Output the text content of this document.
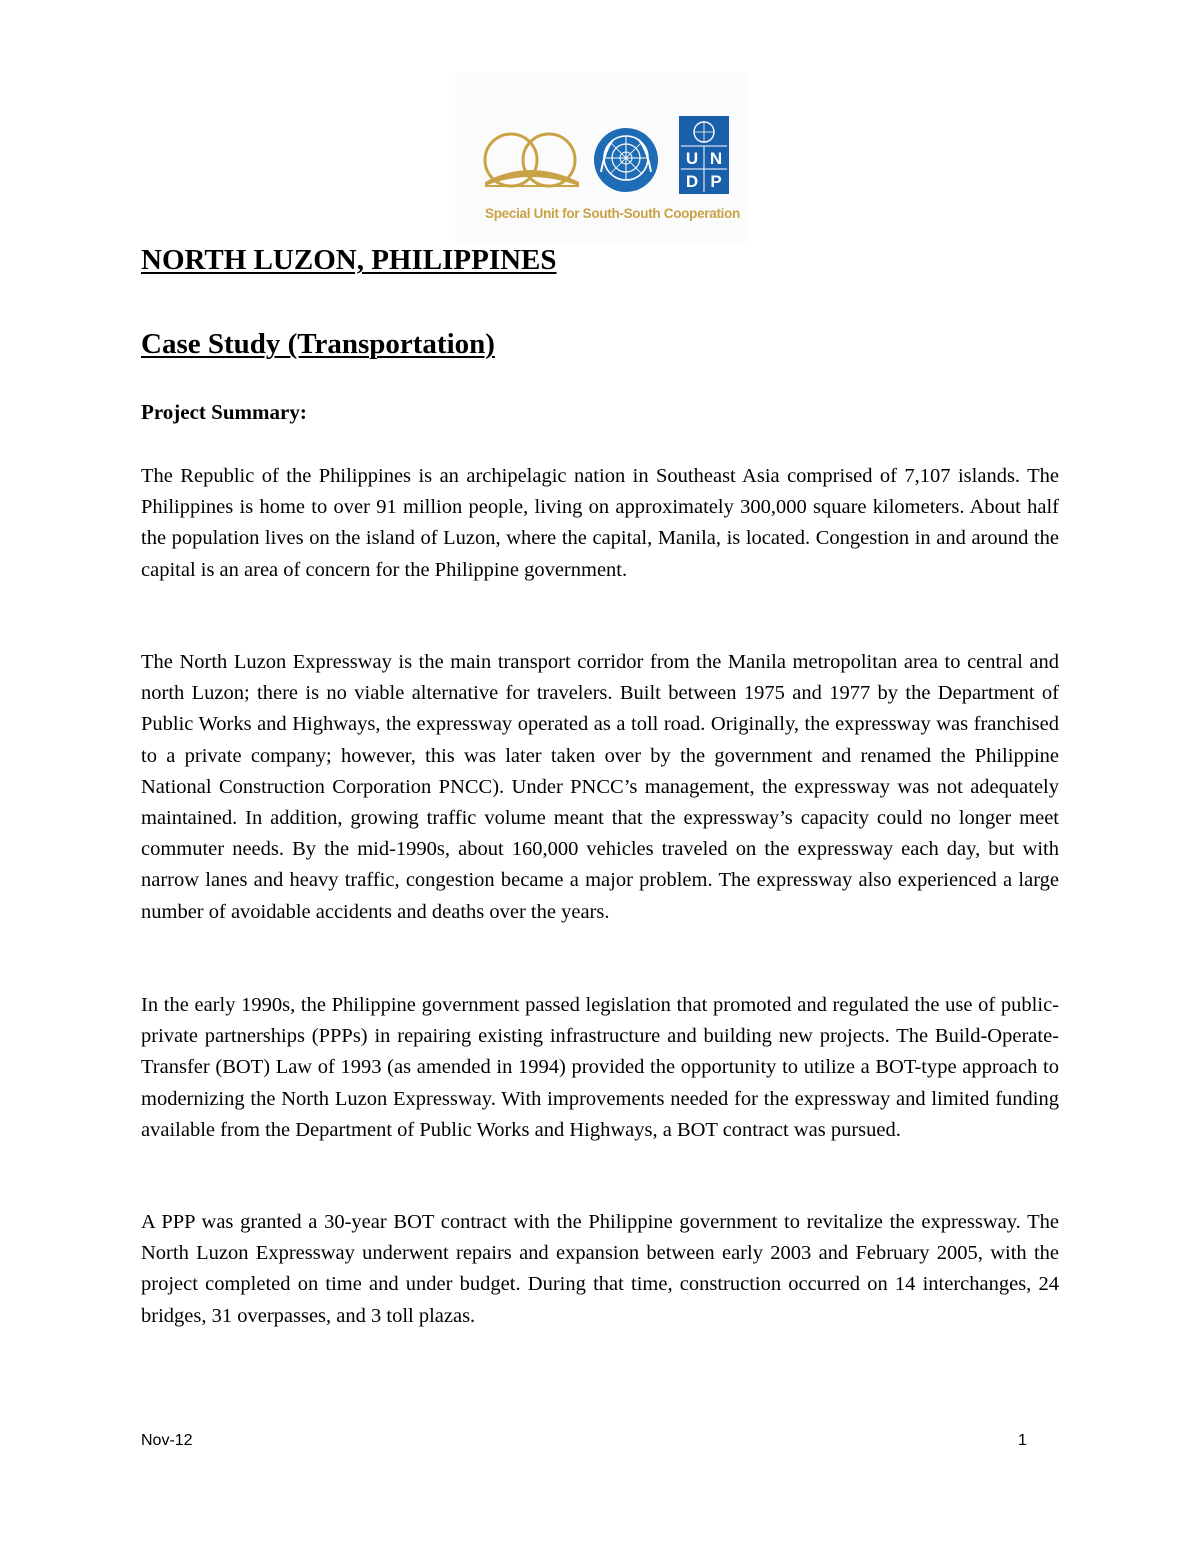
U N
D P
Special Unit for South-South Cooperation
NORTH LUZON, PHILIPPINES
Case Study (Transportation)
Project Summary:

The Republic of the Philippines is an archipelagic nation in Southeast Asia comprised of 7,107 islands. The Philippines is home to over 91 million people, living on approximately 300,000 square kilometers. About half the population lives on the island of Luzon, where the capital, Manila, is located. Congestion in and around the capital is an area of concern for the Philippine government.

The North Luzon Expressway is the main transport corridor from the Manila metropolitan area to central and north Luzon; there is no viable alternative for travelers. Built between 1975 and 1977 by the Department of Public Works and Highways, the expressway operated as a toll road. Originally, the expressway was franchised to a private company; however, this was later taken over by the government and renamed the Philippine National Construction Corporation PNCC). Under PNCC’s management, the expressway was not adequately maintained. In addition, growing traffic volume meant that the expressway’s capacity could no longer meet commuter needs. By the mid-1990s, about 160,000 vehicles traveled on the expressway each day, but with narrow lanes and heavy traffic, congestion became a major problem. The expressway also experienced a large number of avoidable accidents and deaths over the years.

In the early 1990s, the Philippine government passed legislation that promoted and regulated the use of public-private partnerships (PPPs) in repairing existing infrastructure and building new projects. The Build-Operate-Transfer (BOT) Law of 1993 (as amended in 1994) provided the opportunity to utilize a BOT-type approach to modernizing the North Luzon Expressway. With improvements needed for the expressway and limited funding available from the Department of Public Works and Highways, a BOT contract was pursued.

A PPP was granted a 30-year BOT contract with the Philippine government to revitalize the expressway. The North Luzon Expressway underwent repairs and expansion between early 2003 and February 2005, with the project completed on time and under budget. During that time, construction occurred on 14 interchanges, 24 bridges, 31 overpasses, and 3 toll plazas.

Nov-12	1
